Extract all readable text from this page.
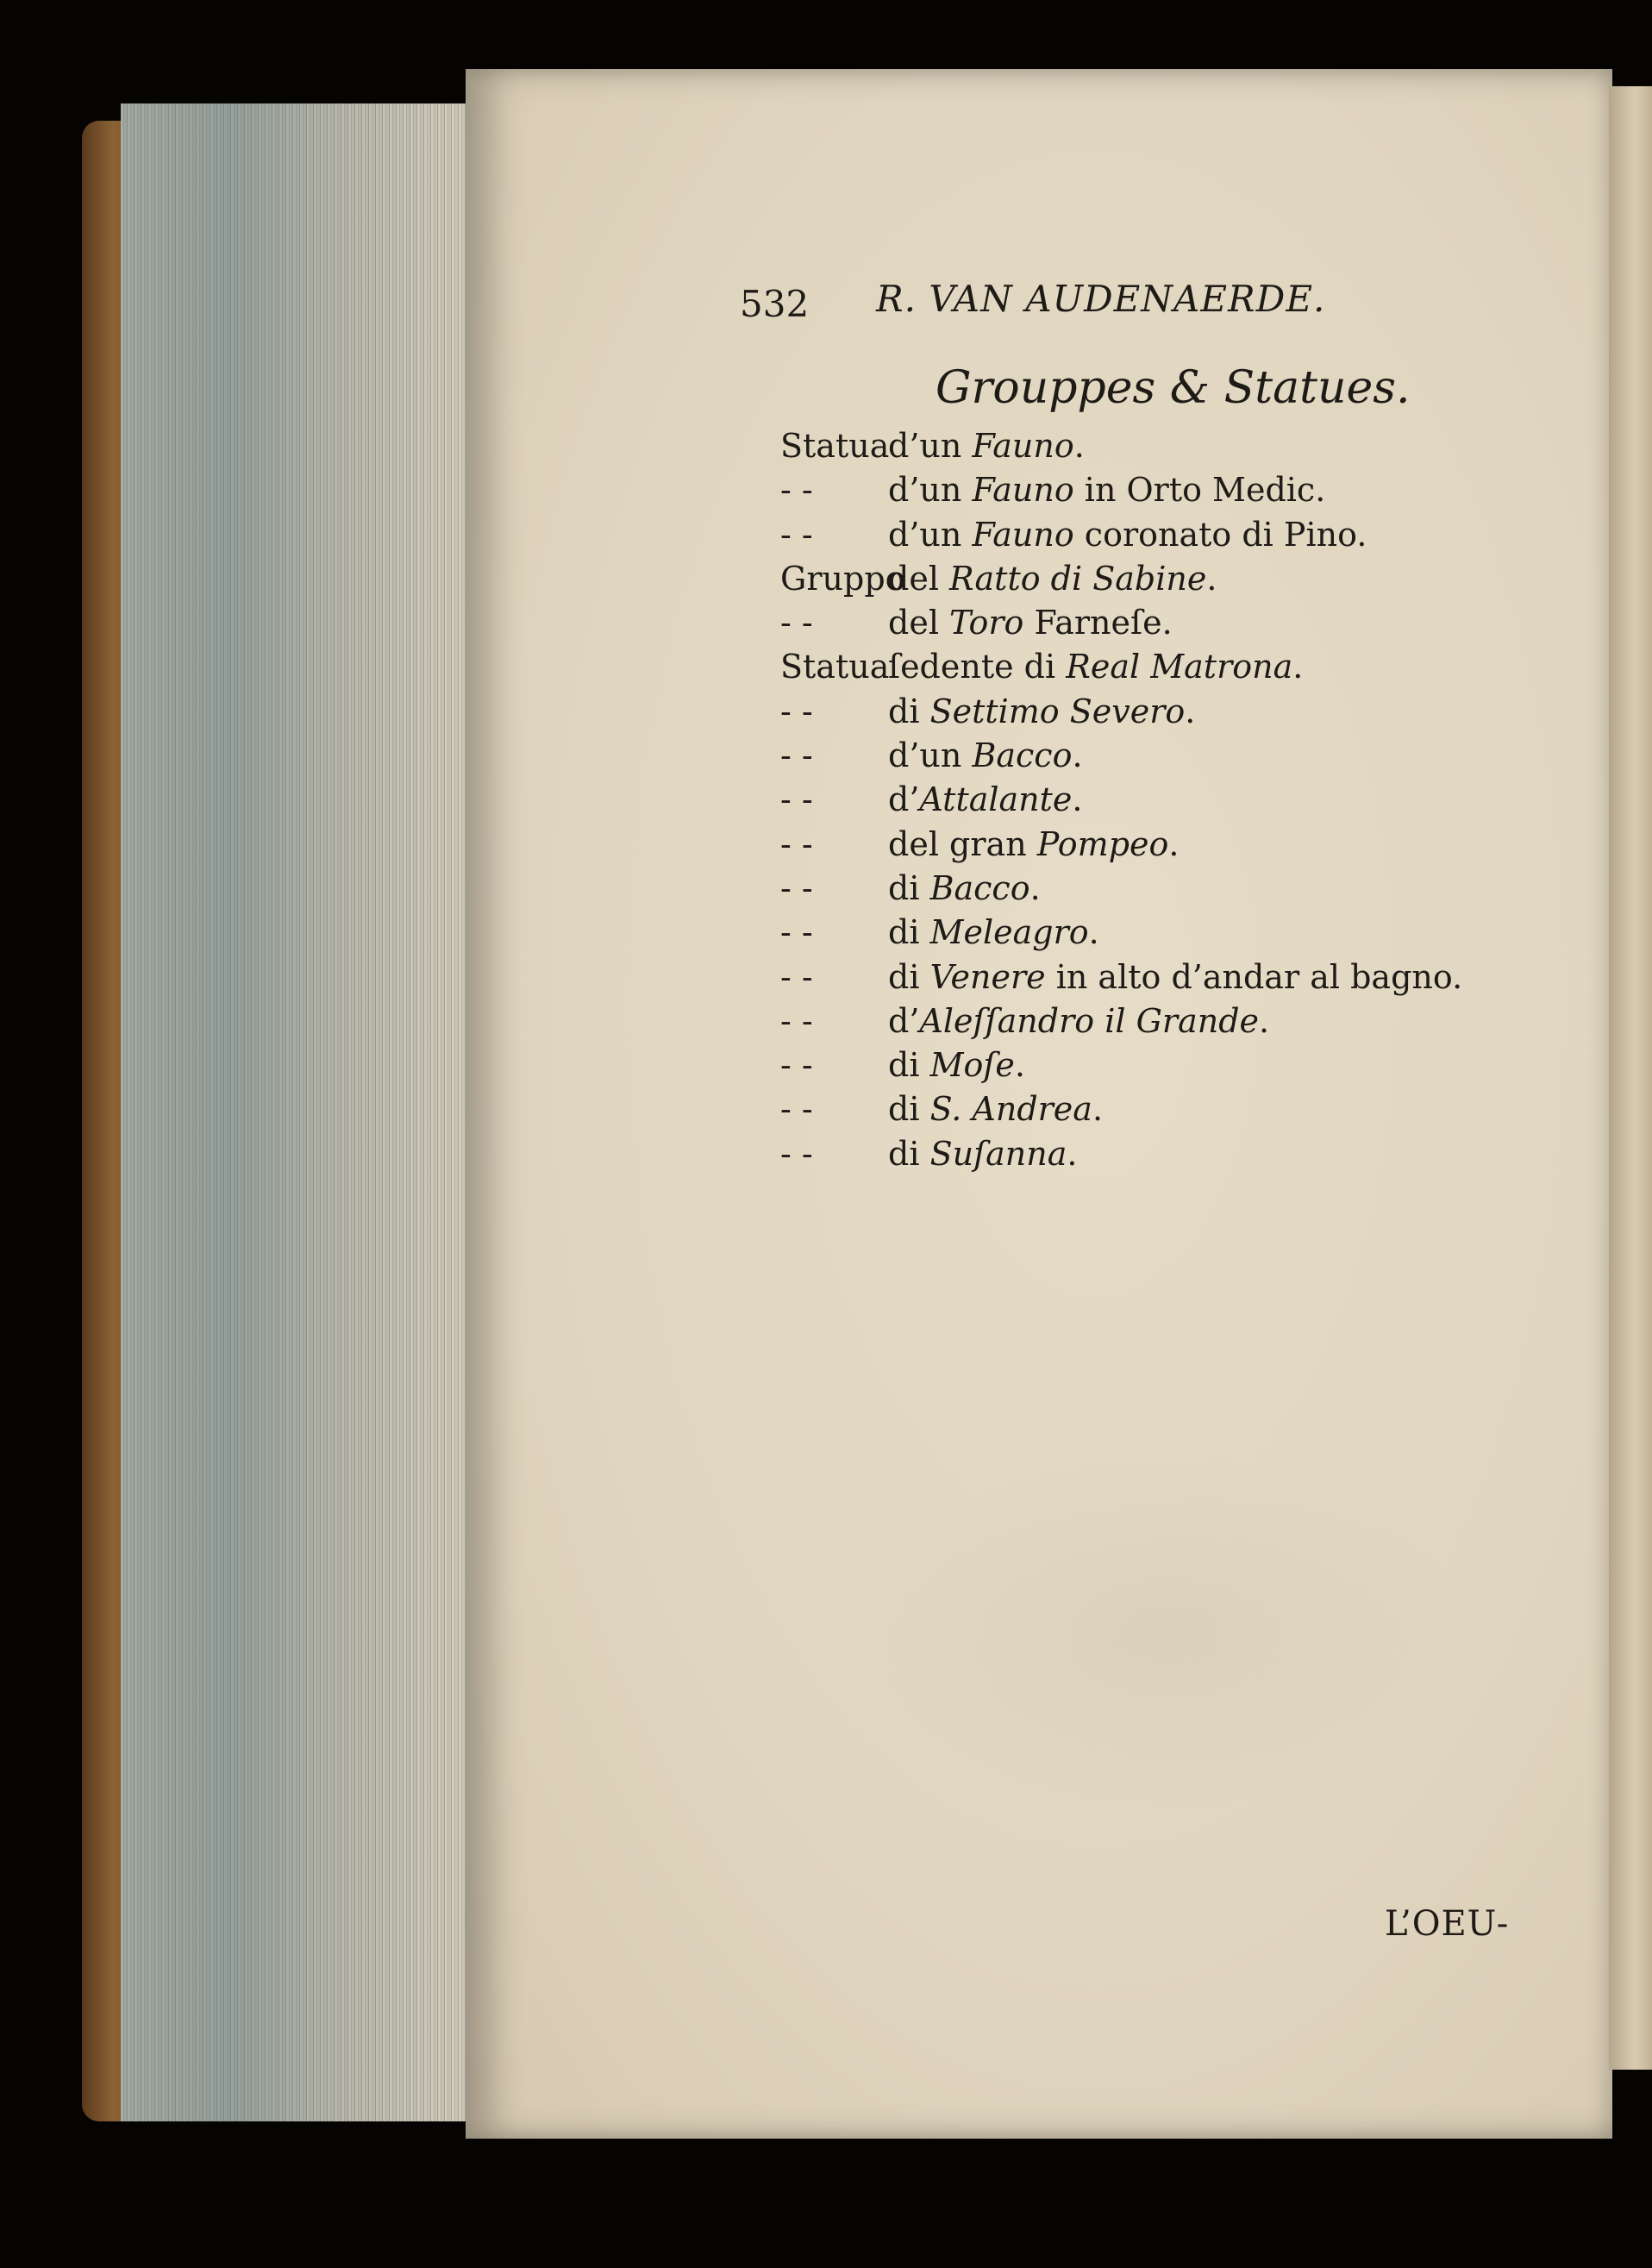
532 R. VAN AUDENAERDE.
Grouppes & Statues.
Statuad’un Fauno.
- - d’un Fauno in Orto Medic.
- - d’un Fauno coronato di Pino.
Gruppodel Ratto di Sabine.
- - del Toro Farneſe.
Statuaſedente di Real Matrona.
- - di Settimo Severo.
- - d’un Bacco.
- - d’Attalante.
- - del gran Pompeo.
- - di Bacco.
- - di Meleagro.
- - di Venere in alto d’andar al bagno.
- - d’Aleſſandro il Grande.
- - di Moſe.
- - di S. Andrea.
- - di Suſanna.
L’OEU-
